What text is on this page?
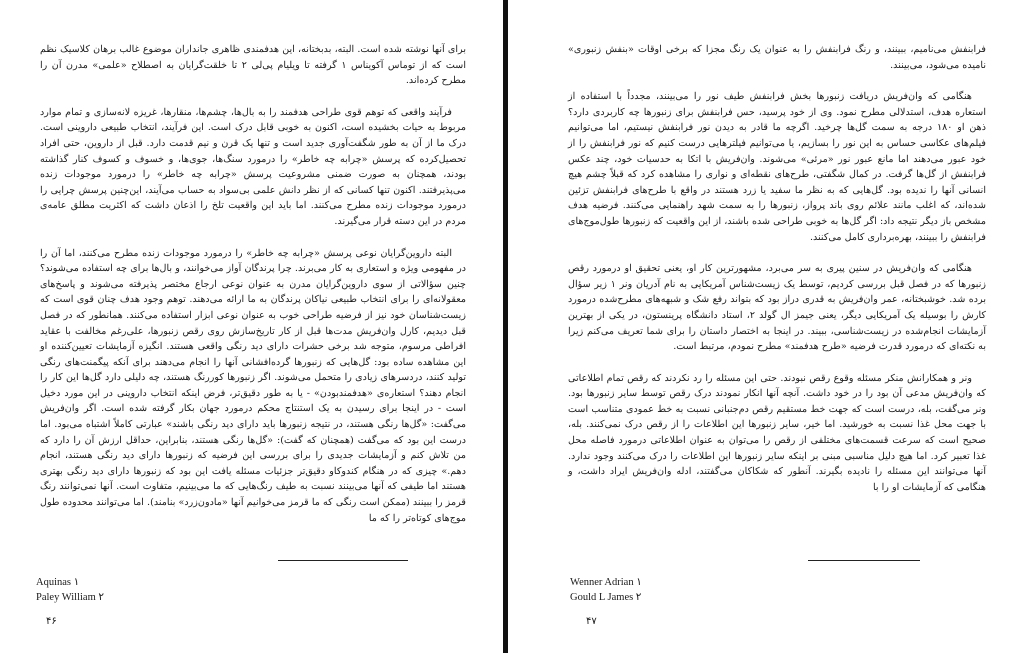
برای آنها نوشته شده است. البته، بدبختانه، این هدفمندی ظاهری جانداران موضوع غالب برهان کلاسیک نظم است که از توماس آکویناس ۱ گرفته تا ویلیام پی‌لی ۲ تا خلقت‌گرایان به اصطلاح «علمی» مدرن آن را مطرح کرده‌اند.

فرآیند واقعی که توهم قوی طراحی هدفمند را به بال‌ها، چشم‌ها، منقارها، غریزه لانه‌سازی و تمام موارد مربوط به حیات بخشیده است، اکنون به خوبی قابل درک است. این فرآیند، انتخاب طبیعی داروینی است. درک ما از آن به طور شگفت‌آوری جدید است و تنها یک قرن و نیم قدمت دارد. قبل از داروین، حتی افراد تحصیل‌کرده که پرسش «چرا‌به چه خاطر» را درمورد سنگ‌ها، جوی‌ها، و خسوف و کسوف کنار گذاشته بودند، همچنان به صورت ضمنی مشروعیت پرسش «چرا‌به چه خاطر» را درمورد موجودات زنده می‌پذیرفتند. اکنون تنها کسانی که از نظر دانش علمی بی‌سواد به حساب می‌آیند، این‌چنین پرسش چرایی را درمورد موجودات زنده مطرح می‌کنند. اما باید این واقعیت تلخ را اذعان داشت که اکثریت مطلق عامه‌ی مردم در این دسته قرار می‌گیرند.

البته داروین‌گرایان نوعی پرسش «چرا‌به چه خاطر» را درمورد موجودات زنده مطرح می‌کنند، اما آن را در مفهومی ویژه و استعاری به کار می‌برند. چرا پرندگان آواز می‌خوانند، و بال‌ها برای چه استفاده می‌شوند؟ چنین سؤالاتی از سوی داروین‌گرایان مدرن به عنوان نوعی ارجاع مختصر پذیرفته می‌شوند و پاسخ‌های معقولانه‌ای را برای انتخاب طبیعی نیاکان پرندگان به ما ارائه می‌دهند. توهم وجود هدف چنان قوی است که زیست‌شناسان خود نیز از فرضیه طراحی خوب به عنوان نوعی ابزار استفاده می‌کنند. همانطور که در فصل قبل دیدیم، کارل وان‌فریش مدت‌ها قبل از کار تاریخ‌سازش روی رقص زنبورها، علی‌رغم مخالفت با عقاید افراطی مرسوم، متوجه شد برخی حشرات دارای دید رنگی واقعی هستند. انگیزه آزمایشات تعیین‌کننده او این مشاهده ساده بود: گل‌هایی که زنبورها گرده‌افشانی آنها را انجام می‌دهند برای آنکه پیگمنت‌های رنگی تولید کنند، دردسرهای زیادی را متحمل می‌شوند. اگر زنبورها کوررنگ هستند، چه دلیلی دارد گل‌ها این کار را انجام دهند؟ استعاره‌ی «هدفمندبودن» - یا به طور دقیق‌تر، فرض اینکه انتخاب داروینی در این مورد دخیل است - در اینجا برای رسیدن به یک استنتاج محکم درمورد جهان بکار گرفته شده است. اگر وان‌فریش می‌گفت: «گل‌ها رنگی هستند، در نتیجه زنبورها باید دارای دید رنگی باشند» عبارتی کاملاً اشتباه می‌بود. اما درست این بود که می‌گفت (همچنان که گفت): «گل‌ها رنگی هستند، بنابراین، حداقل ارزش آن را دارد که من تلاش کنم و آزمایشات جدیدی را برای بررسی این فرضیه که زنبورها دارای دید رنگی هستند، انجام دهم.» چیزی که در هنگام کندوکاو دقیق‌تر جزئیات مسئله یافت این بود که زنبورها دارای دید رنگی بهتری هستند اما طیفی که آنها می‌بینند نسبت به طیف رنگ‌هایی که ما می‌بینیم، متفاوت است. آنها نمی‌توانند رنگ قرمز را ببینند (ممکن است رنگی که ما قرمز می‌خوانیم آنها «مادون‌زرد» بنامند). اما می‌توانند محدوده طول موج‌های کوتاه‌تر را که ما

Aquinas ۱
Paley William ۲
۴۶

فرابنفش می‌نامیم، ببینند، و رنگ فرابنفش را به عنوان یک رنگ مجزا که برخی اوقات «بنفش زنبوری» نامیده می‌شود، می‌بینند.

هنگامی که وان‌فریش دریافت زنبورها بخش فرابنفش طیف نور را می‌بینند، مجدداً با استفاده از استعاره هدف، استدلالی مطرح نمود. وی از خود پرسید، حس فرابنفش برای زنبورها چه کاربردی دارد؟ ذهن او ۱۸۰ درجه به سمت گل‌ها چرخید. اگرچه ما قادر به دیدن نور فرابنفش نیستیم، اما می‌توانیم فیلم‌های عکاسی حساس به این نور را بسازیم، یا می‌توانیم فیلترهایی درست کنیم که نور فرابنفش را از خود عبور می‌دهند اما مانع عبور نور «مرئی» می‌شوند. وان‌فریش با اتکا به حدسیات خود، چند عکس فرابنفش از گل‌ها گرفت. در کمال شگفتی، طرح‌های نقطه‌ای و نواری را مشاهده کرد که قبلاً چشم هیچ انسانی آنها را ندیده بود. گل‌هایی که به نظر ما سفید یا زرد هستند در واقع با طرح‌های فرابنفش تزئین شده‌اند، که اغلب مانند علائم روی باند پرواز، زنبورها را به سمت شهد راهنمایی می‌کنند. فرضیه هدف مشخص باز دیگر نتیجه داد: اگر گل‌ها به خوبی طراحی شده باشند، از این واقعیت که زنبورها طول‌موج‌های فرابنفش را ببینند، بهره‌برداری کامل می‌کنند.

هنگامی که وان‌فریش در سنین پیری به سر می‌برد، مشهورترین کار او، یعنی تحقیق او درمورد رقص زنبورها که در فصل قبل بررسی کردیم، توسط یک زیست‌شناس آمریکایی به نام آدریان ونر ۱ زیر سؤال برده شد. خوشبختانه، عمر وان‌فریش به قدری دراز بود که بتواند رفع شک و شبهه‌های مطرح‌شده درمورد کارش را بوسیله یک آمریکایی دیگر، یعنی جیمز ال گولد ۲، استاد دانشگاه پرینستون، در یکی از بهترین آزمایشات انجام‌شده در زیست‌شناسی، ببیند. در اینجا به اختصار داستان را برای شما تعریف می‌کنم زیرا به نکته‌ای که درمورد قدرت فرضیه «طرح هدفمند» مطرح نمودم، مرتبط است.

ونر و همکارانش منکر مسئله وقوع رقص نبودند. حتی این مسئله را رد نکردند که رقص تمام اطلاعاتی که وان‌فریش مدعی آن بود را در خود داشت. آنچه آنها انکار نمودند درک رقص توسط سایر زنبورها بود. ونر می‌گفت، بله، درست است که جهت خط مستقیم رقص دم‌جنبانی نسبت به خط عمودی متناسب است با جهت محل غذا نسبت به خورشید. اما خیر، سایر زنبورها این اطلاعات را از رقص درک نمی‌کنند. بله، صحیح است که سرعت قسمت‌های مختلفی از رقص را می‌توان به عنوان اطلاعاتی درمورد فاصله محل غذا تعبیر کرد. اما هیچ دلیل مناسبی مبنی بر اینکه سایر زنبورها این اطلاعات را درک می‌کنند وجود ندارد. آنها می‌توانند این مسئله را نادیده بگیرند. آنطور که شکاکان می‌گفتند، ادله وان‌فریش ایراد داشت، و هنگامی که آزمایشات او را با

Wenner Adrian ۱
Gould L James ۲
۴۷
